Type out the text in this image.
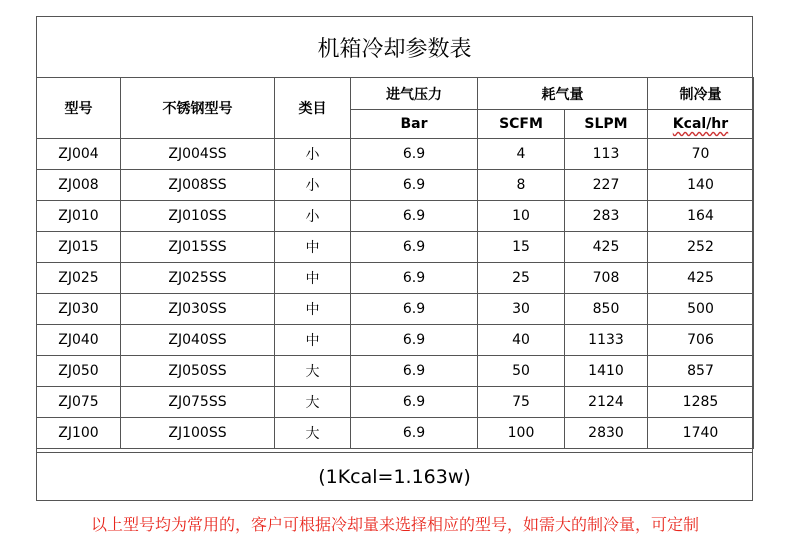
机箱冷却参数表
型号	不锈钢型号	类目	进气压力	耗气量		制冷量
			Bar	SCFM	SLPM	Kcal/hr
ZJ004	ZJ004SS	小	6.9	4	113	70
ZJ008	ZJ008SS	小	6.9	8	227	140
ZJ010	ZJ010SS	小	6.9	10	283	164
ZJ015	ZJ015SS	中	6.9	15	425	252
ZJ025	ZJ025SS	中	6.9	25	708	425
ZJ030	ZJ030SS	中	6.9	30	850	500
ZJ040	ZJ040SS	中	6.9	40	1133	706
ZJ050	ZJ050SS	大	6.9	50	1410	857
ZJ075	ZJ075SS	大	6.9	75	2124	1285
ZJ100	ZJ100SS	大	6.9	100	2830	1740
(1Kcal=1.163w)
以上型号均为常用的，客户可根据冷却量来选择相应的型号，如需大的制冷量，可定制
